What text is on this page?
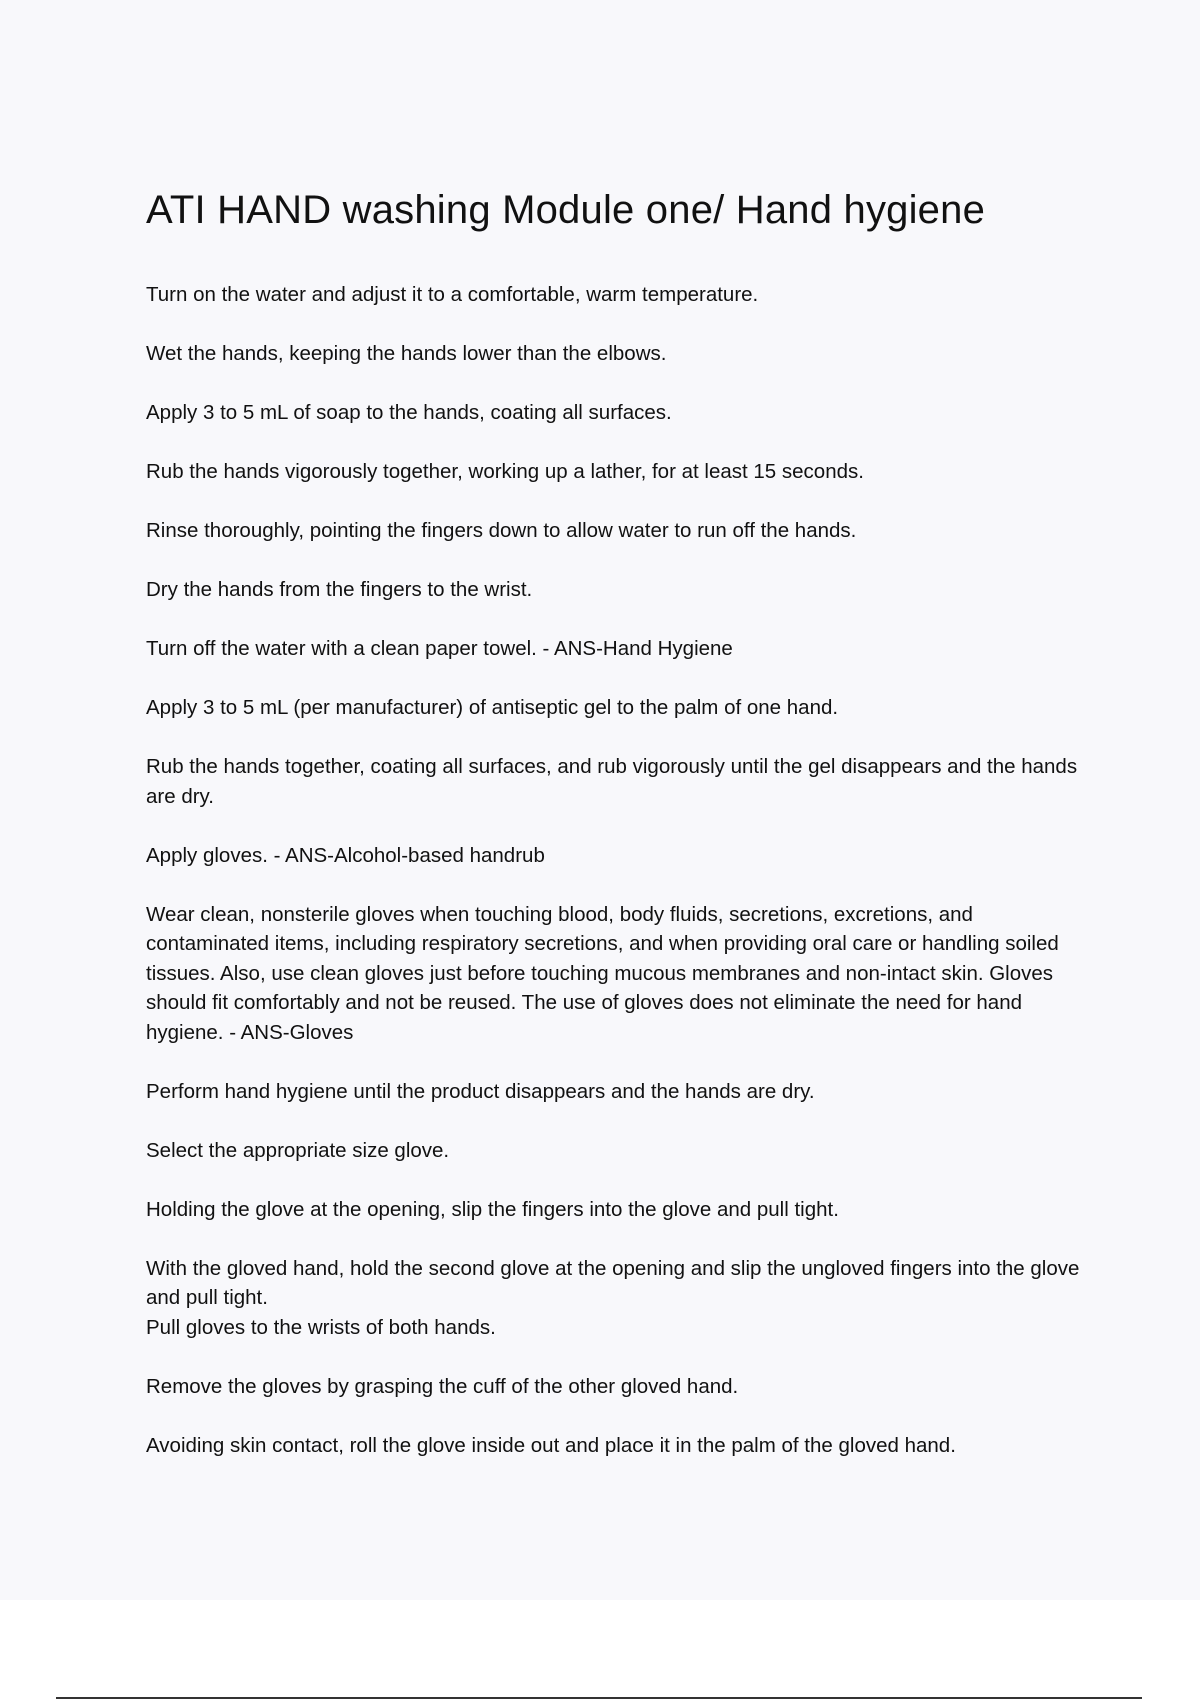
ATI HAND washing Module one/ Hand hygiene

Turn on the water and adjust it to a comfortable, warm temperature.

Wet the hands, keeping the hands lower than the elbows.

Apply 3 to 5 mL of soap to the hands, coating all surfaces.

Rub the hands vigorously together, working up a lather, for at least 15 seconds.

Rinse thoroughly, pointing the fingers down to allow water to run off the hands.

Dry the hands from the fingers to the wrist.

Turn off the water with a clean paper towel. - ANS-Hand Hygiene

Apply 3 to 5 mL (per manufacturer) of antiseptic gel to the palm of one hand.

Rub the hands together, coating all surfaces, and rub vigorously until the gel disappears and the hands are dry.

Apply gloves. - ANS-Alcohol-based handrub

Wear clean, nonsterile gloves when touching blood, body fluids, secretions, excretions, and contaminated items, including respiratory secretions, and when providing oral care or handling soiled tissues. Also, use clean gloves just before touching mucous membranes and non-intact skin. Gloves should fit comfortably and not be reused. The use of gloves does not eliminate the need for hand hygiene. - ANS-Gloves

Perform hand hygiene until the product disappears and the hands are dry.

Select the appropriate size glove.

Holding the glove at the opening, slip the fingers into the glove and pull tight.

With the gloved hand, hold the second glove at the opening and slip the ungloved fingers into the glove and pull tight.
Pull gloves to the wrists of both hands.

Remove the gloves by grasping the cuff of the other gloved hand.

Avoiding skin contact, roll the glove inside out and place it in the palm of the gloved hand.
